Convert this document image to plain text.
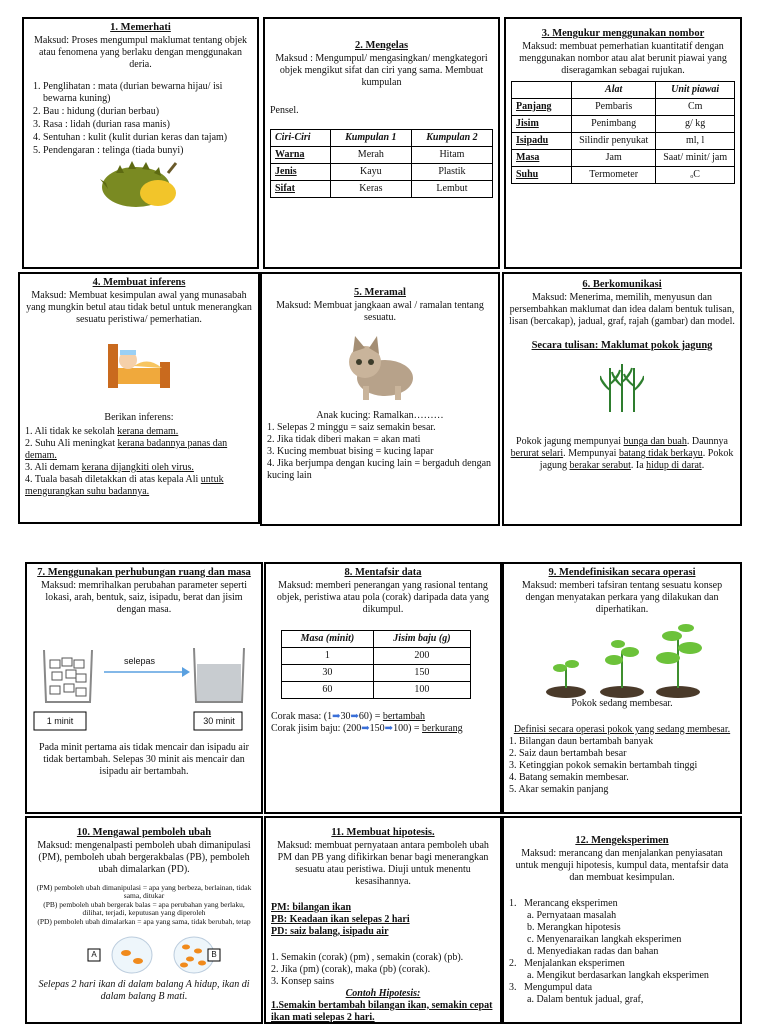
1. Memerhati
Maksud: Proses mengumpul maklumat tentang objek atau fenomena yang berlaku dengan menggunakan deria.
1. Penglihatan : mata (durian bewarna hijau/ isi bewarna kuning)
2. Bau : hidung (durian berbau)
3. Rasa : lidah (durian rasa manis)
4. Sentuhan : kulit (kulit durian keras dan tajam)
5. Pendengaran : telinga (tiada bunyi)
2. Mengelas
Maksud : Mengumpul/ mengasingkan/ mengkategori objek mengikut sifat dan ciri yang sama. Membuat kumpulan
Pensel.
Ciri-Ciri	Kumpulan 1	Kumpulan 2
Warna	Merah	Hitam
Jenis	Kayu	Plastik
Sifat	Keras	Lembut
3. Mengukur menggunakan nombor
Maksud: membuat pemerhatian kuantitatif dengan menggunakan nombor atau alat berunit piawai yang diseragamkan sebagai rujukan.
	Alat	Unit piawai
Panjang	Pembaris	Cm
Jisim	Penimbang	g/ kg
Isipadu	Silindir penyukat	ml, l
Masa	Jam	Saat/ minit/ jam
Suhu	Termometer	ₒC
4. Membuat inferens
Maksud: Membuat kesimpulan awal yang munasabah yang mungkin betul atau tidak betul untuk menerangkan sesuatu peristiwa/ pemerhatian.
Berikan inferens:
1. Ali tidak ke sekolah kerana demam.
2. Suhu Ali meningkat kerana badannya panas dan demam.
3. Ali demam kerana dijangkiti oleh virus.
4. Tuala basah diletakkan di atas kepala Ali untuk mengurangkan suhu badannya.
5. Meramal
Maksud: Membuat jangkaan awal / ramalan tentang sesuatu.
Anak kucing: Ramalkan………
1. Selepas 2 minggu = saiz semakin besar.
2. Jika tidak diberi makan = akan mati
3. Kucing membuat bising = kucing lapar
4. Jika berjumpa dengan kucing lain = bergaduh dengan kucing lain
6. Berkomunikasi
Maksud: Menerima, memilih, menyusun dan persembahkan maklumat dan idea dalam bentuk tulisan, lisan (bercakap), jadual, graf, rajah (gambar) dan model.
Secara tulisan: Maklumat pokok jagung
Pokok jagung mempunyai bunga dan buah. Daunnya berurat selari. Mempunyai batang tidak berkayu. Pokok jagung berakar serabut. Ia hidup di darat.
7. Menggunakan perhubungan ruang dan masa
Maksud: memrihalkan perubahan parameter seperti lokasi, arah, bentuk, saiz, isipadu, berat dan jisim dengan masa.
selepas
1 minit	30 minit
Pada minit pertama ais tidak mencair dan isipadu air tidak bertambah. Selepas 30 minit ais mencair dan isipadu air bertambah.
8. Mentafsir data
Maksud: memberi penerangan yang rasional tentang objek, peristiwa atau pola (corak) daripada data yang dikumpul.
Masa (minit)	Jisim baju (g)
1	200
30	150
60	100
Corak masa: (1➡30➡60) = bertambah
Corak jisim baju: (200➡150➡100) = berkurang
9. Mendefinisikan secara operasi
Maksud: memberi tafsiran tentang sesuatu konsep dengan menyatakan perkara yang dilakukan dan diperhatikan.
Pokok sedang membesar.
Definisi secara operasi pokok yang sedang membesar.
1. Bilangan daun bertambah banyak
2. Saiz daun bertambah besar
3. Ketinggian pokok semakin bertambah tinggi
4. Batang semakin membesar.
5. Akar semakin panjang
10. Mengawal pemboleh ubah
Maksud: mengenalpasti pemboleh ubah dimanipulasi (PM), pemboleh ubah bergerakbalas (PB), pemboleh ubah dimalarkan (PD).
(PM) pemboleh ubah dimanipulasi = apa yang berbeza, berlainan, tidak sama, ditukar
(PB) pemboleh ubah bergerak balas = apa perubahan yang berlaku, dilihat, terjadi, keputusan yang diperoleh
(PD) pemboleh ubah dimalarkan = apa yang sama, tidak berubah, tetap
A	B
Selepas 2 hari ikan di dalam balang A hidup, ikan di dalam balang B mati.
11. Membuat hipotesis.
Maksud: membuat pernyataan antara pemboleh ubah PM dan PB yang difikirkan benar bagi menerangkan sesuatu atau peristiwa. Diuji untuk menentu kesasihannya.
PM: bilangan ikan
PB: Keadaan ikan selepas 2 hari
PD: saiz balang, isipadu air
1. Semakin (corak) (pm) , semakin (corak) (pb).
2. Jika (pm) (corak), maka (pb) (corak).
3. Konsep sains
Contoh Hipotesis:
1.Semakin bertambah bilangan ikan, semakin cepat ikan mati selepas 2 hari.
12. Mengeksperimen
Maksud: merancang dan menjalankan penyiasatan untuk menguji hipotesis, kumpul data, mentafsir data dan membuat kesimpulan.
1.   Merancang eksperimen
a. Pernyataan masalah
b. Merangkan hipotesis
c. Menyenaraikan langkah eksperimen
d. Menyediakan radas dan bahan
2.   Menjalankan eksperimen
a. Mengikut berdasarkan langkah eksperimen
3.   Mengumpul data
a. Dalam bentuk jadual, graf,
